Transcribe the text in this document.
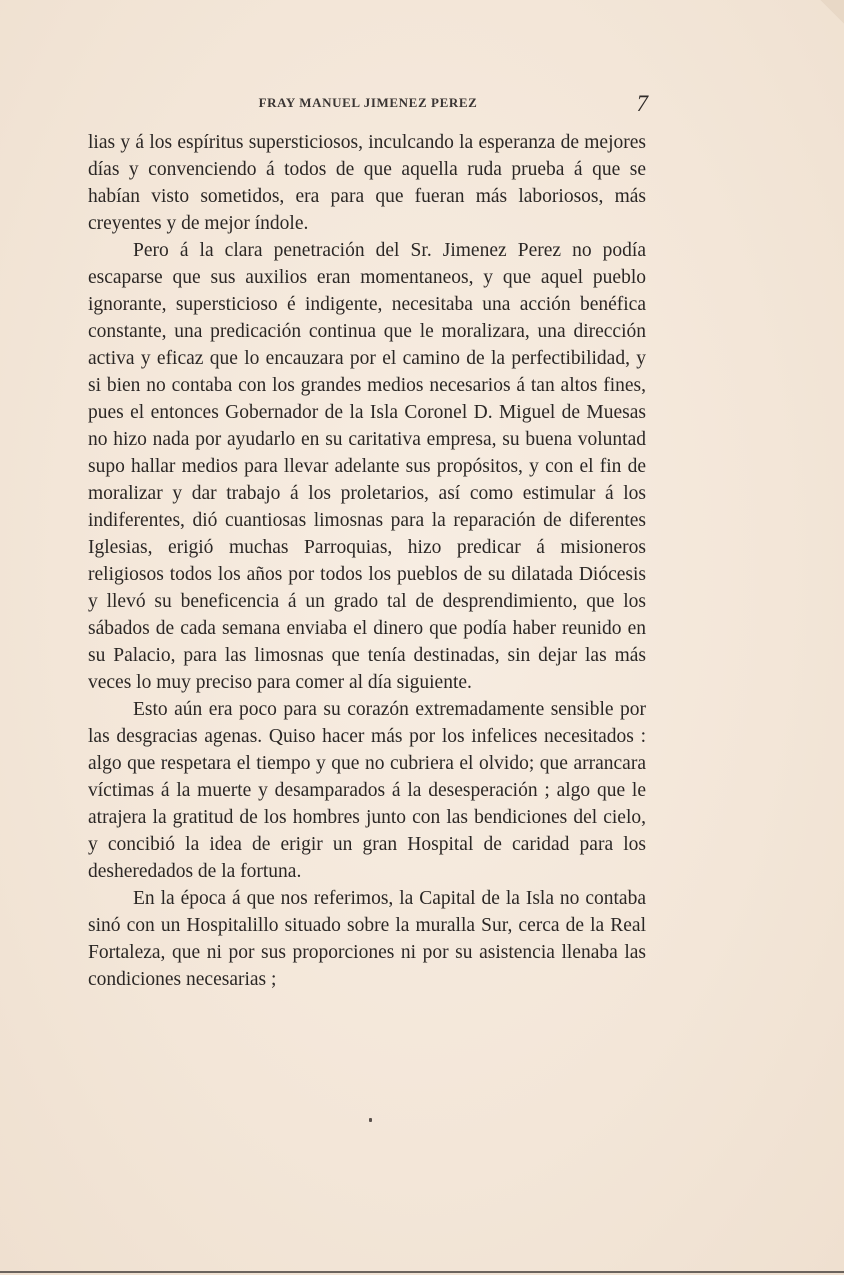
FRAY MANUEL JIMENEZ PEREZ	7

lias y á los espíritus supersticiosos, inculcando la esperanza de mejores días y convenciendo á todos de que aquella ruda prueba á que se habían visto sometidos, era para que fueran más laboriosos, más creyentes y de mejor índole.

Pero á la clara penetración del Sr. Jimenez Perez no podía escaparse que sus auxilios eran momentaneos, y que aquel pueblo ignorante, supersticioso é indigente, necesitaba una acción benéfica constante, una predicación continua que le moralizara, una dirección activa y eficaz que lo encauzara por el camino de la perfectibilidad, y si bien no contaba con los grandes medios necesarios á tan altos fines, pues el entonces Gobernador de la Isla Coronel D. Miguel de Muesas no hizo nada por ayudarlo en su caritativa empresa, su buena voluntad supo hallar medios para llevar adelante sus propósitos, y con el fin de moralizar y dar trabajo á los proletarios, así como estimular á los indiferentes, dió cuantiosas limosnas para la reparación de diferentes Iglesias, erigió muchas Parroquias, hizo predicar á misioneros religiosos todos los años por todos los pueblos de su dilatada Diócesis y llevó su beneficencia á un grado tal de desprendimiento, que los sábados de cada semana enviaba el dinero que podía haber reunido en su Palacio, para las limosnas que tenía destinadas, sin dejar las más veces lo muy preciso para comer al día siguiente.

Esto aún era poco para su corazón extremadamente sensible por las desgracias agenas. Quiso hacer más por los infelices necesitados : algo que respetara el tiempo y que no cubriera el olvido; que arrancara víctimas á la muerte y desamparados á la desesperación ; algo que le atrajera la gratitud de los hombres junto con las bendiciones del cielo, y concibió la idea de erigir un gran Hospital de caridad para los desheredados de la fortuna.

En la época á que nos referimos, la Capital de la Isla no contaba sinó con un Hospitalillo situado sobre la muralla Sur, cerca de la Real Fortaleza, que ni por sus proporciones ni por su asistencia llenaba las condiciones necesarias ;
